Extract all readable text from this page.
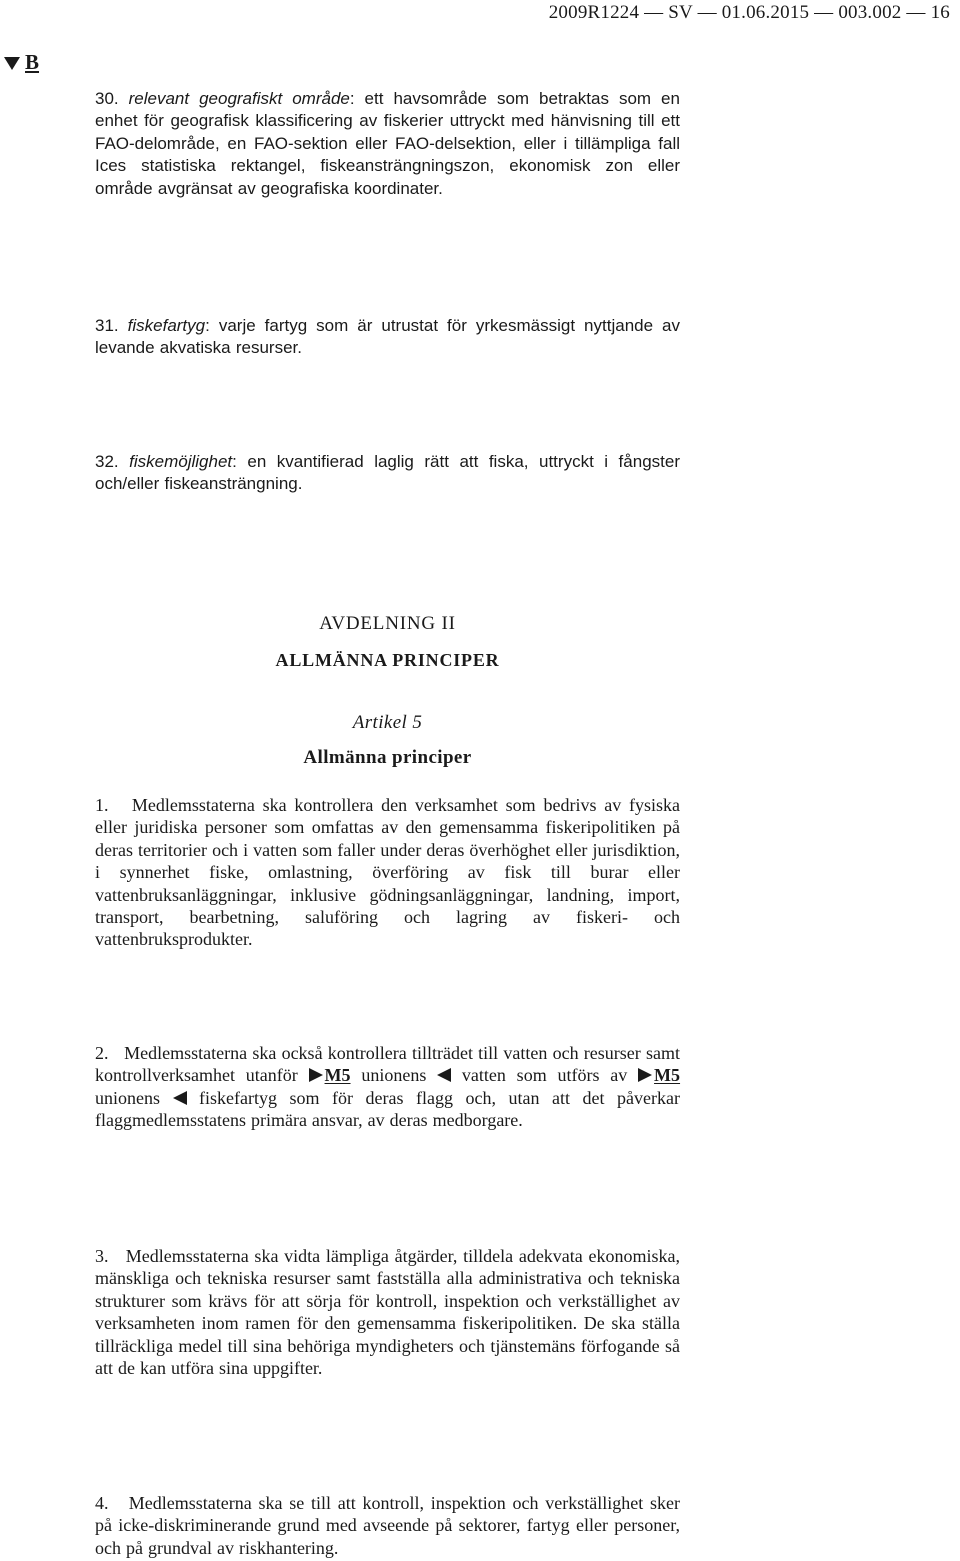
2009R1224 — SV — 01.06.2015 — 003.002 — 16
B
30. relevant geografiskt område: ett havsområde som betraktas som en enhet för geografisk klassificering av fiskerier uttryckt med hänvisning till ett FAO-delområde, en FAO-sektion eller FAO-delsektion, eller i tillämpliga fall Ices statistiska rektangel, fiskeansträngningszon, ekonomisk zon eller område avgränsat av geografiska koordinater.
31. fiskefartyg: varje fartyg som är utrustat för yrkesmässigt nyttjande av levande akvatiska resurser.
32. fiskemöjlighet: en kvantifierad laglig rätt att fiska, uttryckt i fångster och/eller fiskeansträngning.
AVDELNING II
ALLMÄNNA PRINCIPER
Artikel 5
Allmänna principer
1. Medlemsstaterna ska kontrollera den verksamhet som bedrivs av fysiska eller juridiska personer som omfattas av den gemensamma fiskeripolitiken på deras territorier och i vatten som faller under deras överhöghet eller jurisdiktion, i synnerhet fiske, omlastning, överföring av fisk till burar eller vattenbruksanläggningar, inklusive gödningsanläggningar, landning, import, transport, bearbetning, saluföring och lagring av fiskeri- och vattenbruksprodukter.
2. Medlemsstaterna ska också kontrollera tillträdet till vatten och resurser samt kontrollverksamhet utanför M5 unionens vatten som utförs av M5 unionens fiskefartyg som för deras flagg och, utan att det påverkar flaggmedlemsstatens primära ansvar, av deras medborgare.
3. Medlemsstaterna ska vidta lämpliga åtgärder, tilldela adekvata ekonomiska, mänskliga och tekniska resurser samt fastställa alla administrativa och tekniska strukturer som krävs för att sörja för kontroll, inspektion och verkställighet av verksamheten inom ramen för den gemensamma fiskeripolitiken. De ska ställa tillräckliga medel till sina behöriga myndigheters och tjänstemäns förfogande så att de kan utföra sina uppgifter.
4. Medlemsstaterna ska se till att kontroll, inspektion och verkställighet sker på icke-diskriminerande grund med avseende på sektorer, fartyg eller personer, och på grundval av riskhantering.
